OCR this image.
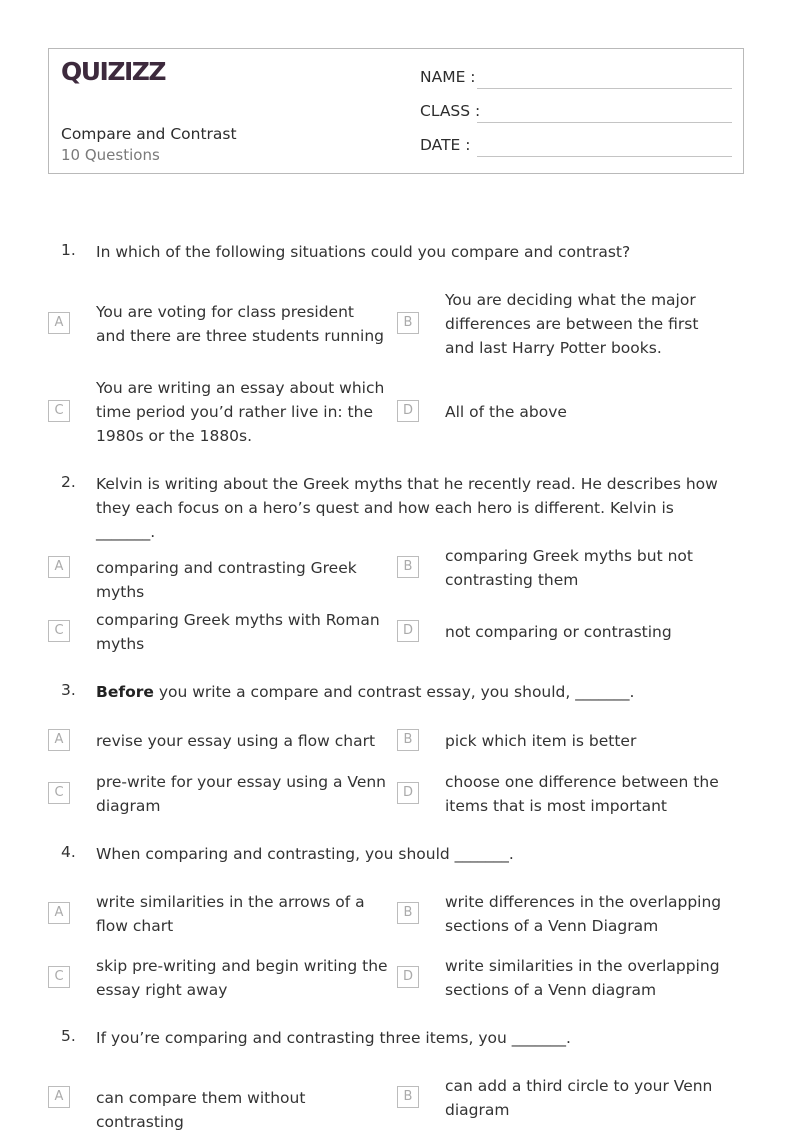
QUIZIZZ
Compare and Contrast
10 Questions
NAME :
CLASS :
DATE :
1. In which of the following situations could you compare and contrast?
A
You are voting for class president and there are three students running
B
You are deciding what the major differences are between the first and last Harry Potter books.
C
You are writing an essay about which time period you’d rather live in: the 1980s or the 1880s.
D	All of the above
2. Kelvin is writing about the Greek myths that he recently read. He describes how they each focus on a hero’s quest and how each hero is different. Kelvin is _______.
A	comparing and contrasting Greek myths
B
comparing Greek myths but not contrasting them
C
comparing Greek myths with Roman myths
D	not comparing or contrasting
3. Before you write a compare and contrast essay, you should, _______.
A	revise your essay using a flow chart	B	pick which item is better
C
pre-write for your essay using a Venn diagram
D
choose one difference between the items that is most important
4. When comparing and contrasting, you should _______.
A
write similarities in the arrows of a flow chart
B
write differences in the overlapping sections of a Venn Diagram
C
skip pre-writing and begin writing the essay right away
D
write similarities in the overlapping sections of a Venn diagram
5. If you’re comparing and contrasting three items, you _______.
A	can compare them without contrasting
B
can add a third circle to your Venn diagram
